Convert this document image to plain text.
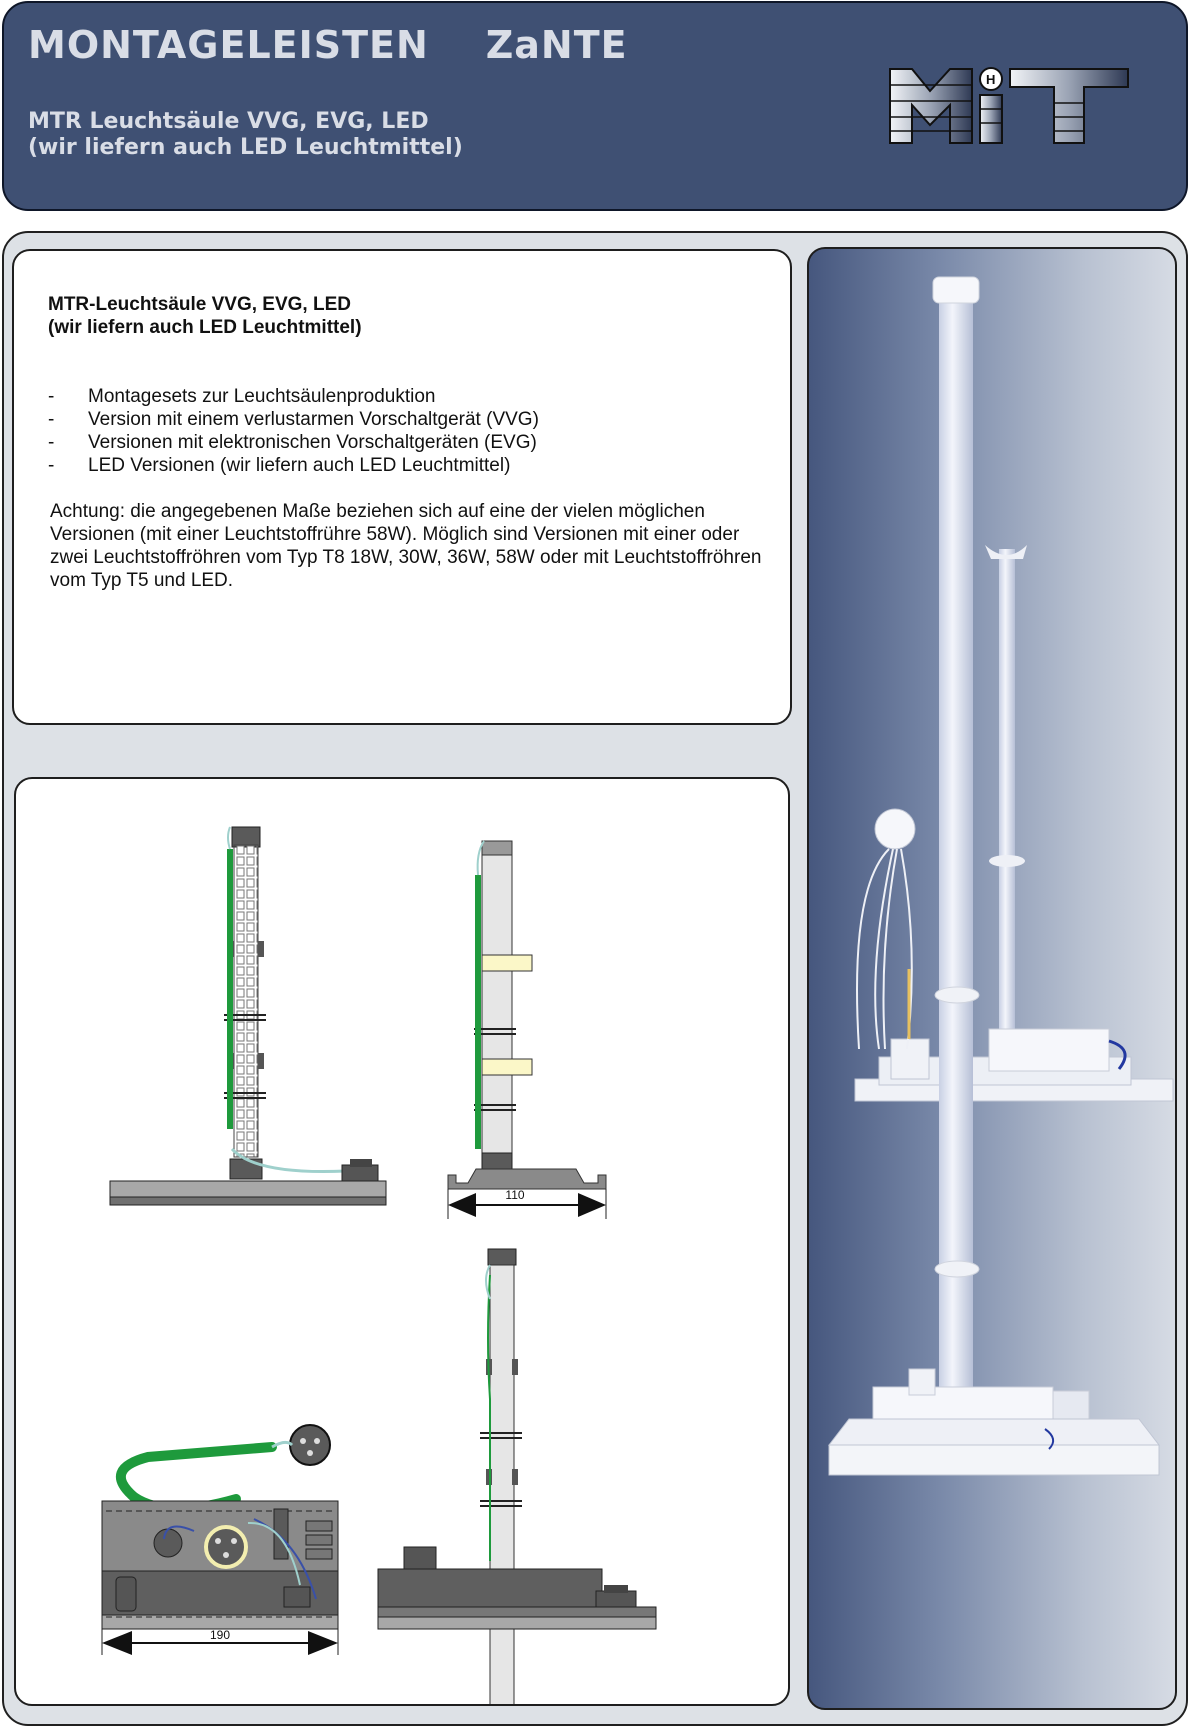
MONTAGELEISTEN    ZaNTE
MTR Leuchtsäule VVG, EVG, LED
(wir liefern auch LED Leuchtmittel)
H
MTR-Leuchtsäule VVG, EVG, LED
(wir liefern auch LED Leuchtmittel)
-	Montagesets zur Leuchtsäulenproduktion
-	Version mit einem verlustarmen Vorschaltgerät (VVG)
-	Versionen mit elektronischen Vorschaltgeräten (EVG)
-	LED Versionen (wir liefern auch LED Leuchtmittel)
Achtung: die angegebenen Maße beziehen sich auf eine der vielen möglichen Versionen (mit einer Leuchtstoffrühre 58W). Möglich sind Versionen mit einer oder zwei Leuchtstoffröhren vom Typ T8 18W, 30W, 36W, 58W oder mit Leuchtstoffröhren vom Typ T5 und LED.
110
190
